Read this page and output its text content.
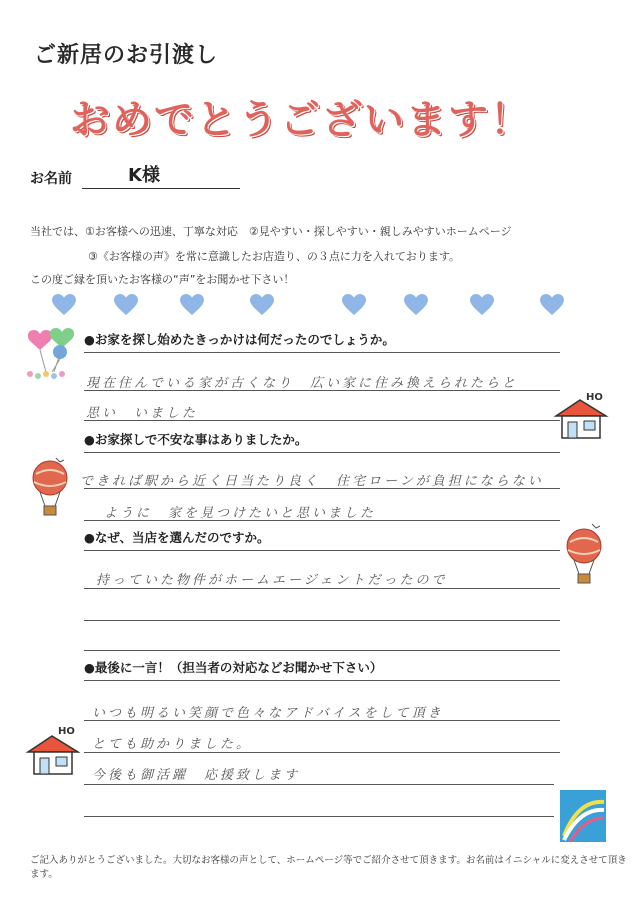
ご新居のお引渡し
おめでとうございます！
お名前	K様
当社では、①お客様への迅速、丁寧な対応　②見やすい・探しやすい・親しみやすいホームページ
③《お客様の声》を常に意識したお店造り、の３点に力を入れております。
この度ご縁を頂いたお客様の“声”をお聞かせ下さい！
●お家を探し始めたきっかけは何だったのでしょうか。
現在住んでいる家が古くなり　広い家に住み換えられたらと
思い　いました
HO
●お家探しで不安な事はありましたか。
できれば駅から近く日当たり良く　住宅ローンが負担にならない
ように　家を見つけたいと思いました
●なぜ、当店を選んだのですか。
持っていた物件がホームエージェントだったので
●最後に一言！（担当者の対応などお聞かせ下さい）
いつも明るい笑顔で色々なアドバイスをして頂き
とても助かりました。
今後も御活躍　応援致します
HO
ご記入ありがとうございました。大切なお客様の声として、ホームページ等でご紹介させて頂きます。お名前はイニシャルに変えさせて頂きます。
